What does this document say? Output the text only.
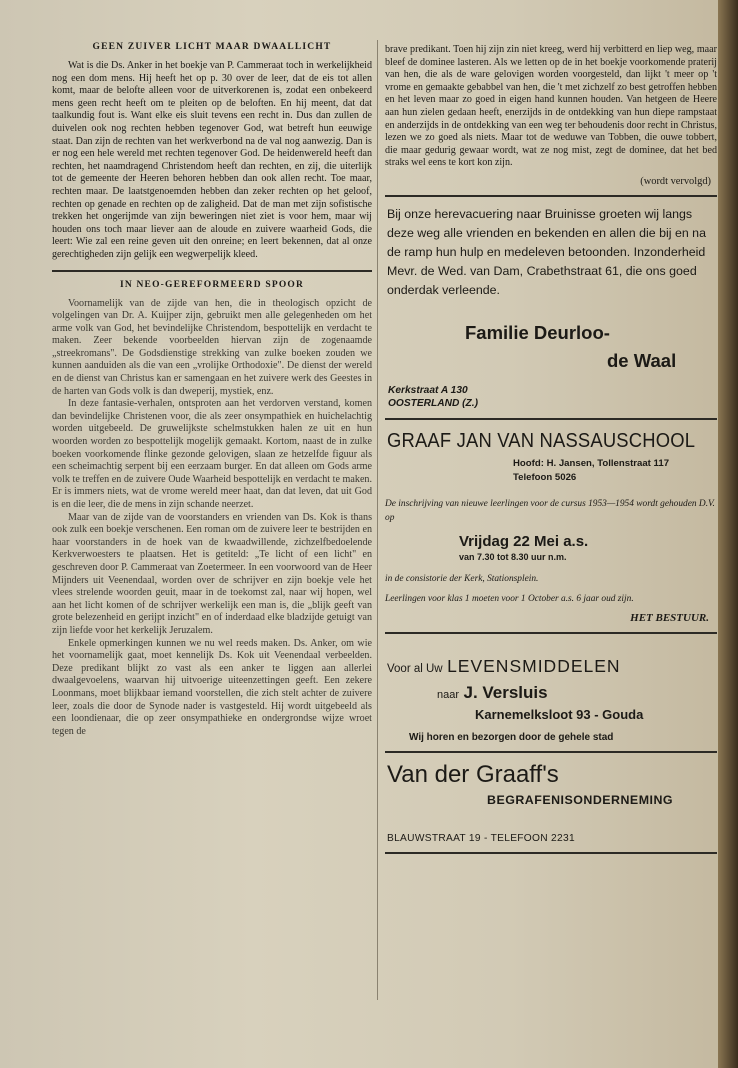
GEEN ZUIVER LICHT MAAR DWAALLICHT

Wat is die Ds. Anker in het boekje van P. Cammeraat toch in werkelijkheid nog een dom mens. Hij heeft het op p. 30 over de leer, dat de eis tot allen komt, maar de belofte alleen voor de uitverkorenen is, zodat een onbekeerd mens geen recht heeft om te pleiten op de beloften. En hij meent, dat dat taalkundig fout is. Want elke eis sluit tevens een recht in. Dus dan zullen de duivelen ook nog rechten hebben tegenover God, wat betreft hun eeuwige staat. Dan zijn de rechten van het werkverbond na de val nog aanwezig. Dan is er nog een hele wereld met rechten tegenover God. De heidenwereld heeft dan rechten, het naamdragend Christendom heeft dan rechten, en zij, die uiterlijk tot de gemeente der Heeren behoren hebben dan ook allen recht. Toe maar, rechten maar. De laatstgenoemden hebben dan zeker rechten op het geloof, rechten op genade en rechten op de zaligheid. Dat de man met zijn sofistische trekken het ongerijmde van zijn beweringen niet ziet is voor hem, maar wij houden ons toch maar liever aan de aloude en zuivere waarheid Gods, die leert: Wie zal een reine geven uit den onreine; en leert bekennen, dat al onze gerechtigheden zijn gelijk een wegwerpelijk kleed.

IN NEO-GEREFORMEERD SPOOR

Voornamelijk van de zijde van hen, die in theologisch opzicht de volgelingen van Dr. A. Kuijper zijn, gebruikt men alle gelegenheden om het arme volk van God, het bevindelijke Christendom, bespottelijk en verdacht te maken. Zeer bekende voorbeelden hiervan zijn de zogenaamde „streekromans". De Godsdienstige strekking van zulke boeken zouden we kunnen aanduiden als die van een „vrolijke Orthodoxie". De dienst der wereld en de dienst van Christus kan er samengaan en het zuivere werk des Geestes in de harten van Gods volk is dan dweperij, mystiek, enz.

In deze fantasie-verhalen, ontsproten aan het verdorven verstand, komen dan bevindelijke Christenen voor, die als zeer onsympathiek en huichelachtig worden uitgebeeld. De gruwelijkste schelmstukken halen ze uit en hun woorden worden zo bespottelijk mogelijk gemaakt. Kortom, naast de in zulke boeken voorkomende flinke gezonde gelovigen, slaan ze hetzelfde figuur als een scheimachtig serpent bij een eerzaam burger. En dat alleen om Gods arme volk te treffen en de zuivere Oude Waarheid bespottelijk en verdacht te maken. Er is immers niets, wat de vrome wereld meer haat, dan dat leven, dat uit God is en die leer, die de mens in zijn schande neerzet.

Maar van de zijde van de voorstanders en vrienden van Ds. Kok is thans ook zulk een boekje verschenen. Een roman om de zuivere leer te bestrijden en haar voorstanders in de hoek van de kwaadwillende, zichzelfbedoelende Kerkverwoesters te plaatsen. Het is getiteld: „Te licht of een licht" en geschreven door P. Cammeraat van Zoetermeer. In een voorwoord van de Heer Mijnders uit Veenendaal, worden over de schrijver en zijn boekje vele het vlees strelende woorden geuit, maar in de toekomst zal, naar wij hopen, wel aan het licht komen of de schrijver werkelijk een man is, die „blijk geeft van grote belezenheid en gerijpt inzicht" en of inderdaad elke bladzijde getuigt van zijn liefde voor het kerkelijk Jeruzalem.

Enkele opmerkingen kunnen we nu wel reeds maken. Ds. Anker, om wie het voornamelijk gaat, moet kennelijk Ds. Kok uit Veenendaal verbeelden. Deze predikant blijkt zo vast als een anker te liggen aan allerlei dwaalgevoelens, waarvan hij uitvoerige uiteenzettingen geeft. Een zekere Loonmans, moet blijkbaar iemand voorstellen, die zich stelt achter de zuivere leer, zoals die door de Synode nader is vastgesteld. Hij wordt uitgebeeld als een loondienaar, die op zeer onsympathieke en ondergrondse wijze wroet tegen de

brave predikant. Toen hij zijn zin niet kreeg, werd hij verbitterd en liep weg, maar bleef de dominee lasteren. Als we letten op de in het boekje voorkomende praterij van hen, die als de ware gelovigen worden voorgesteld, dan lijkt 't meer op 't vrome en gemaakte gebabbel van hen, die 't met zichzelf zo best getroffen hebben en het leven maar zo goed in eigen hand kunnen houden. Van hetgeen de Heere aan hun zielen gedaan heeft, enerzijds in de ontdekking van hun diepe rampstaat en anderzijds in de ontdekking van een weg ter behoudenis door recht in Christus, lezen we zo goed als niets. Maar tot de weduwe van Tobben, die ouwe tobbert, die maar gedurig gewaar wordt, wat ze nog mist, zegt de dominee, dat het bed straks wel eens te kort kon zijn.

(wordt vervolgd)
Bij onze herevacuering naar Bruinisse groeten wij langs deze weg alle vrienden en bekenden en allen die bij en na de ramp hun hulp en medeleven betoonden. Inzonderheid Mevr. de Wed. van Dam, Crabethstraat 61, die ons goed onderdak verleende.
Familie Deurloo-
de Waal
Kerkstraat A 130
OOSTERLAND (Z.)
GRAAF JAN VAN NASSAUSCHOOL
Hoofd: H. Jansen, Tollenstraat 117
Telefoon 5026

De inschrijving van nieuwe leerlingen voor de cursus 1953—1954 wordt gehouden D.V. op

Vrijdag 22 Mei a.s.
van 7.30 tot 8.30 uur n.m.

in de consistorie der Kerk, Stationsplein.

Leerlingen voor klas 1 moeten voor 1 October a.s. 6 jaar oud zijn.

HET BESTUUR.
Voor al Uw LEVENSMIDDELEN
naar J. Versluis
Karnemelksloot 93 - Gouda
Wij horen en bezorgen door de gehele stad
Van der Graaff's
BEGRAFENISONDERNEMING
BLAUWSTRAAT 19 - TELEFOON 2231
